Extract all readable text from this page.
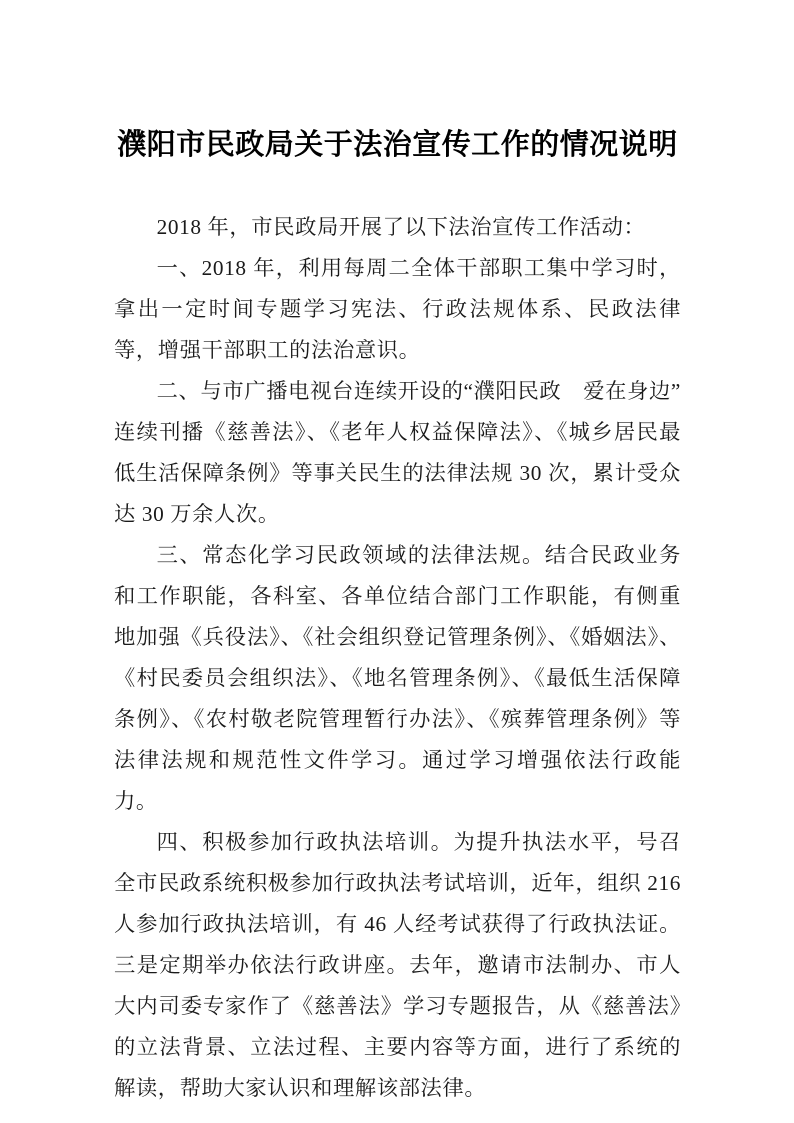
濮阳市民政局关于法治宣传工作的情况说明

2018 年，市民政局开展了以下法治宣传工作活动：

一、2018 年，利用每周二全体干部职工集中学习时，拿出一定时间专题学习宪法、行政法规体系、民政法律等，增强干部职工的法治意识。

二、与市广播电视台连续开设的“濮阳民政　爱在身边”连续刊播《慈善法》、《老年人权益保障法》、《城乡居民最低生活保障条例》等事关民生的法律法规 30 次，累计受众达 30 万余人次。

三、常态化学习民政领域的法律法规。结合民政业务和工作职能，各科室、各单位结合部门工作职能，有侧重地加强《兵役法》、《社会组织登记管理条例》、《婚姻法》、《村民委员会组织法》、《地名管理条例》、《最低生活保障条例》、《农村敬老院管理暂行办法》、《殡葬管理条例》等法律法规和规范性文件学习。通过学习增强依法行政能力。

四、积极参加行政执法培训。为提升执法水平，号召全市民政系统积极参加行政执法考试培训，近年，组织 216 人参加行政执法培训，有 46 人经考试获得了行政执法证。三是定期举办依法行政讲座。去年，邀请市法制办、市人大内司委专家作了《慈善法》学习专题报告，从《慈善法》的立法背景、立法过程、主要内容等方面，进行了系统的解读，帮助大家认识和理解该部法律。
